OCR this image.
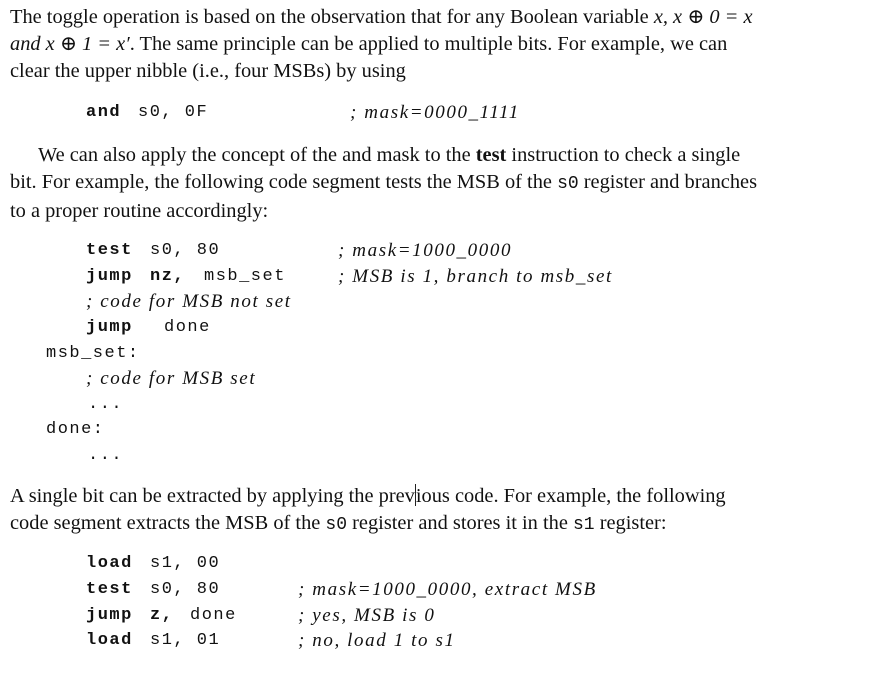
The toggle operation is based on the observation that for any Boolean variable x, x ⊕ 0 = x
and x ⊕ 1 = x′. The same principle can be applied to multiple bits. For example, we can
clear the upper nibble (i.e., four MSBs) by using
and s0, 0F	; mask=0000_1111
We can also apply the concept of the and mask to the test instruction to check a single
bit. For example, the following code segment tests the MSB of the s0 register and branches
to a proper routine accordingly:
test s0, 80	; mask=1000_0000
jump nz, msb_set	; MSB is 1, branch to msb_set
; code for MSB not set
jump done
msb_set:
; code for MSB set
...
done:
...
A single bit can be extracted by applying the previous code. For example, the following
code segment extracts the MSB of the s0 register and stores it in the s1 register:
load s1, 00
test s0, 80	; mask=1000_0000, extract MSB
jump z, done	; yes, MSB is 0
load s1, 01	; no, load 1 to s1
